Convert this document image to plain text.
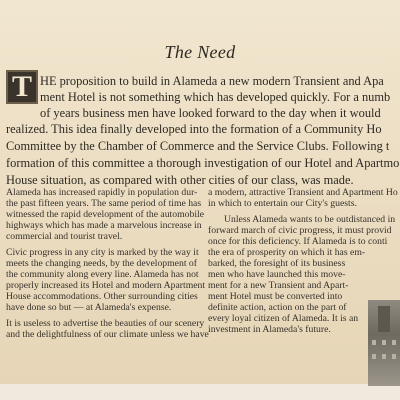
The Need
T HE proposition to build in Alameda a new modern Transient and Apa
ment Hotel is not something which has developed quickly. For a numb
of years business men have looked forward to the day when it would
realized. This idea finally developed into the formation of a Community Ho
Committee by the Chamber of Commerce and the Service Clubs. Following t
formation of this committee a thorough investigation of our Hotel and Apartmo
House situation, as compared with other cities of our class, was made.
Alameda has increased rapidly in population dur-
the past fifteen years. The same period of time has
witnessed the rapid development of the automobile
highways which has made a marvelous increase in
commercial and tourist travel.
Civic progress in any city is marked by the way it
meets the changing needs, by the development of
the community along every line. Alameda has not
properly increased its Hotel and modern Apartment
House accommodations. Other surrounding cities
have done so but — at Alameda's expense.
It is useless to advertise the beauties of our scenery
and the delightfulness of our climate unless we have
a modern, attractive Transient and Apartment Ho
in which to entertain our City's guests.
Unless Alameda wants to be outdistanced in
forward march of civic progress, it must provid
once for this deficiency. If Alameda is to conti
the era of prosperity on which it has em-
barked, the foresight of its business
men who have launched this move-
ment for a new Transient and Apart-
ment Hotel must be converted into
definite action, action on the part of
every loyal citizen of Alameda. It is an
investment in Alameda's future.
